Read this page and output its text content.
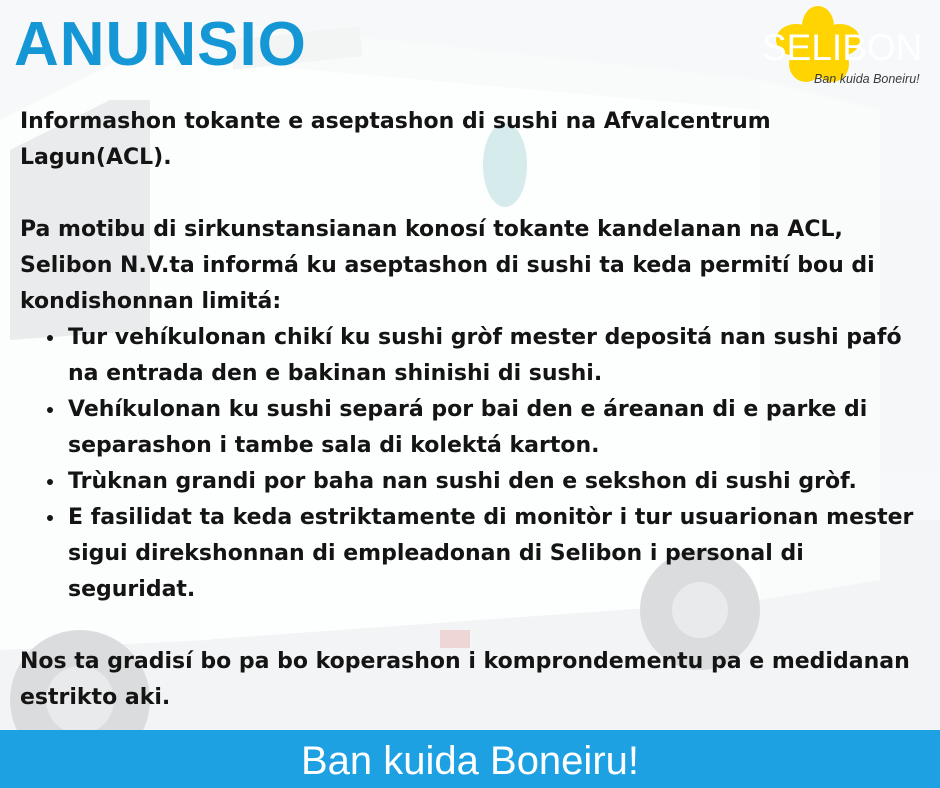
ANUNSIO	SELIBON
Ban kuida Boneiru!

Informashon tokante e aseptashon di sushi na Afvalcentrum Lagun(ACL).

Pa motibu di sirkunstansianan konosí tokante kandelanan na ACL, Selibon N.V.ta informá ku aseptashon di sushi ta keda permití bou di kondishonnan limitá:

• Tur vehíkulonan chikí ku sushi gròf mester depositá nan sushi pafó na entrada den e bakinan shinishi di sushi.
• Vehíkulonan ku sushi separá por bai den e áreanan di e parke di separashon i tambe sala di kolektá karton.
• Trùknan grandi por baha nan sushi den e sekshon di sushi gròf.
• E fasilidat ta keda estriktamente di monitòr i tur usuarionan mester sigui direkshonnan di empleadonan di Selibon i personal di seguridat.

Nos ta gradisí bo pa bo koperashon i komprondementu pa e medidanan estrikto aki.

Ban kuida Boneiru!
